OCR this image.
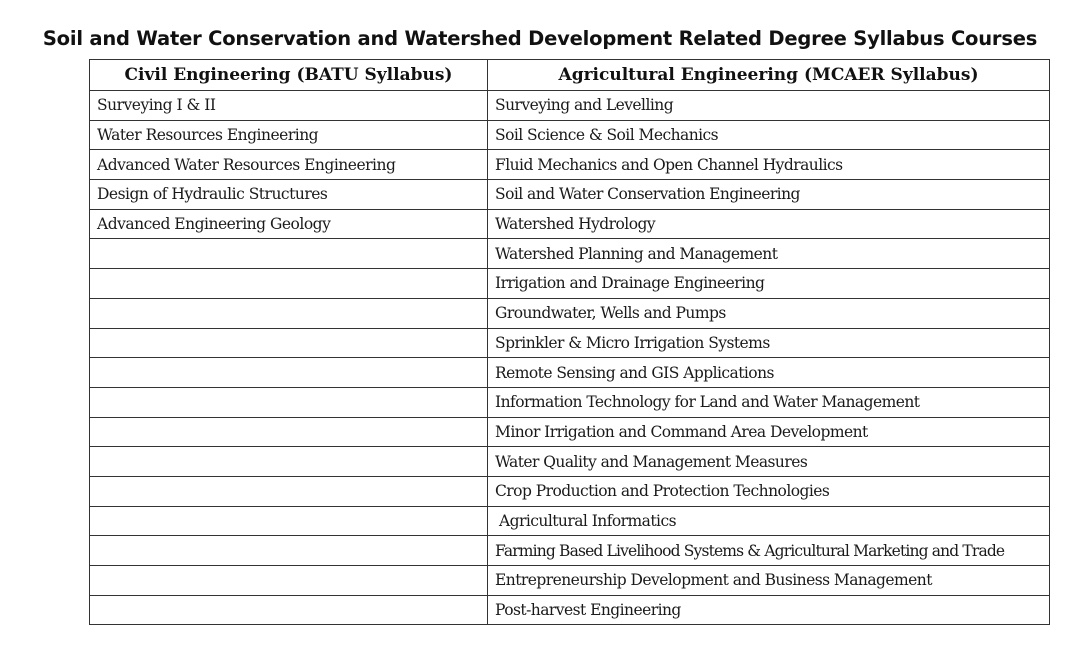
Soil and Water Conservation and Watershed Development Related Degree Syllabus Courses
Civil Engineering (BATU Syllabus)	Agricultural Engineering (MCAER Syllabus)
Surveying I & II	Surveying and Levelling
Water Resources Engineering	Soil Science & Soil Mechanics
Advanced Water Resources Engineering	Fluid Mechanics and Open Channel Hydraulics
Design of Hydraulic Structures	Soil and Water Conservation Engineering
Advanced Engineering Geology	Watershed Hydrology
	Watershed Planning and Management
	Irrigation and Drainage Engineering
	Groundwater, Wells and Pumps
	Sprinkler & Micro Irrigation Systems
	Remote Sensing and GIS Applications
	Information Technology for Land and Water Management
	Minor Irrigation and Command Area Development
	Water Quality and Management Measures
	Crop Production and Protection Technologies
	Agricultural Informatics
	Farming Based Livelihood Systems & Agricultural Marketing and Trade
	Entrepreneurship Development and Business Management
	Post-harvest Engineering
